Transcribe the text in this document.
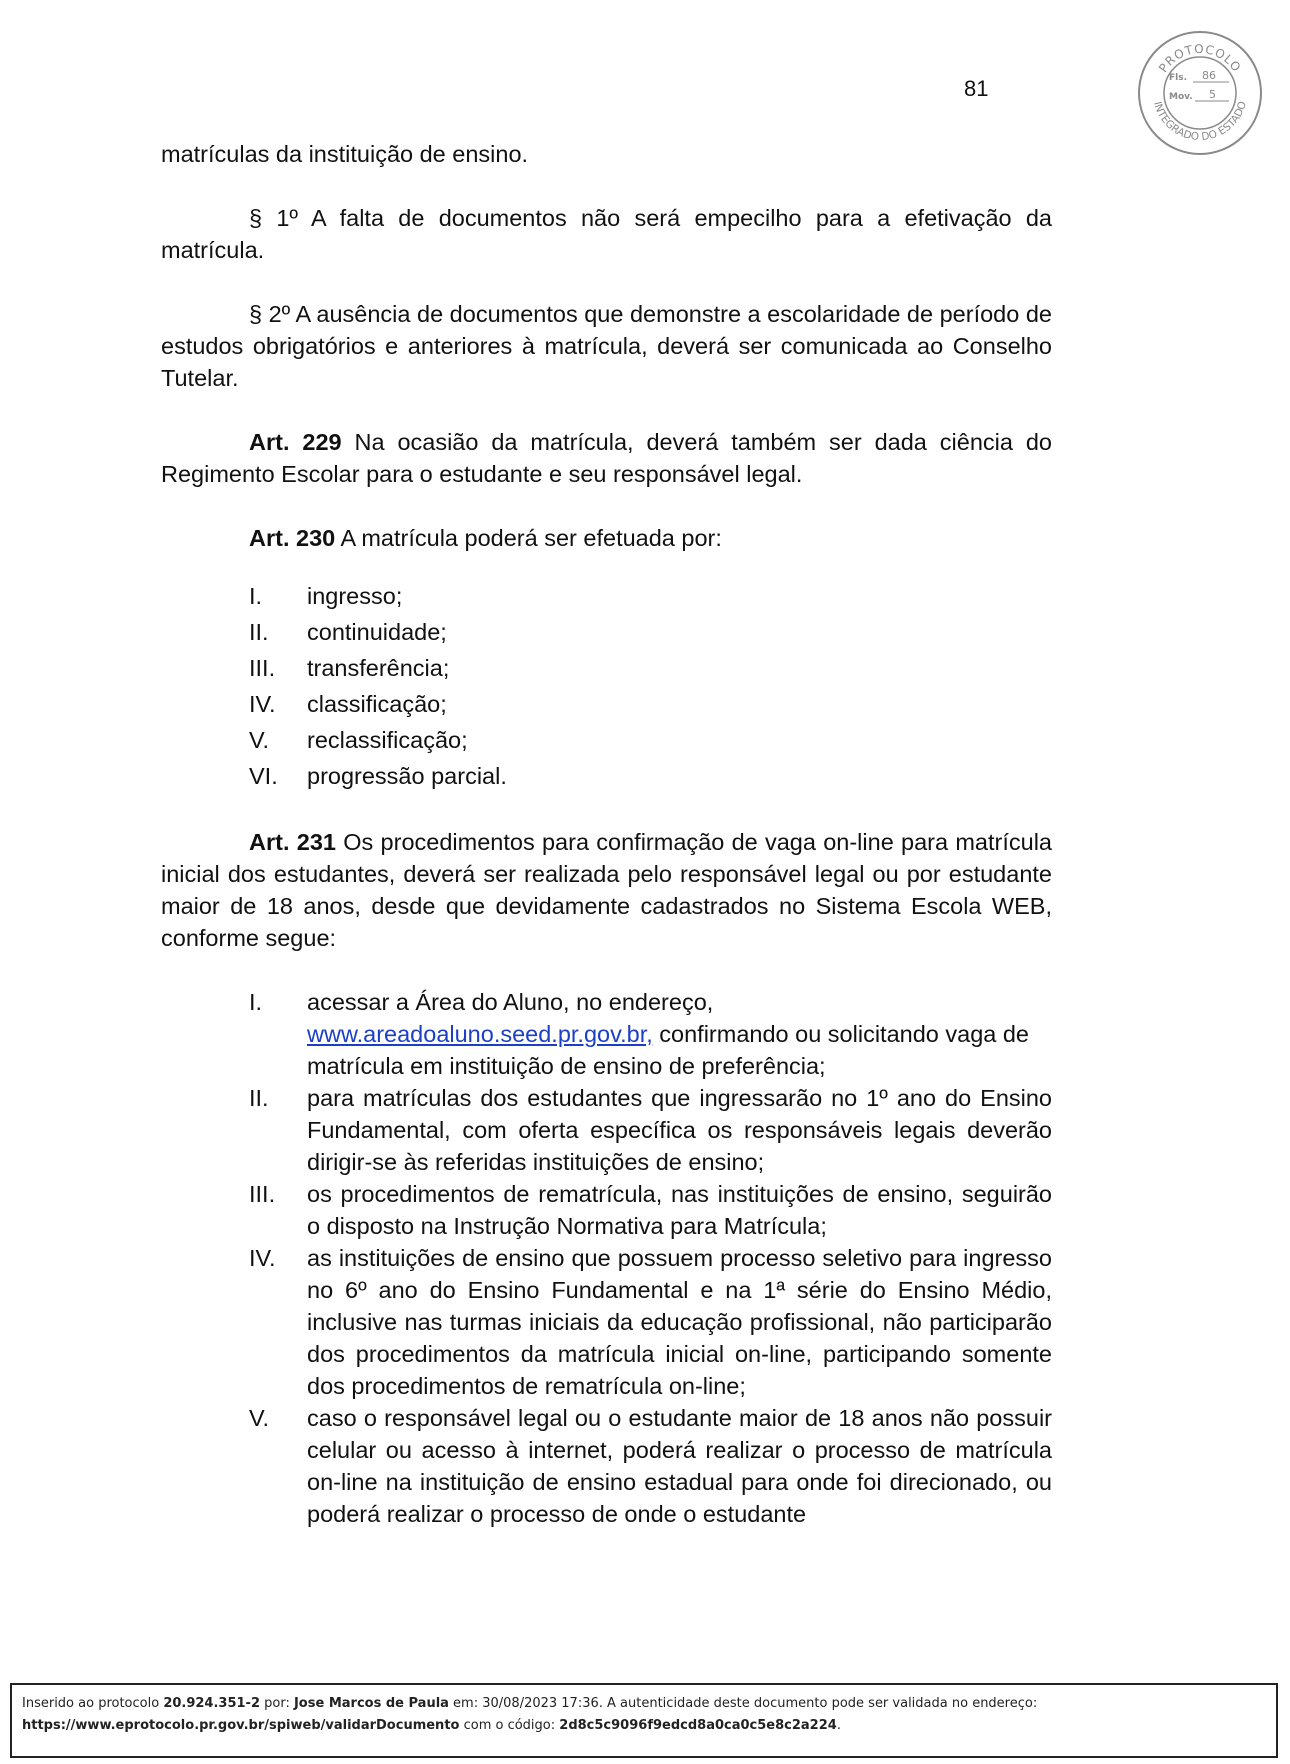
81
PROTOCOLO
INTEGRADO DO ESTADO
Fls. 86
Mov. 5

matrículas da instituição de ensino.

§ 1º A falta de documentos não será empecilho para a efetivação da matrícula.

§ 2º A ausência de documentos que demonstre a escolaridade de período de estudos obrigatórios e anteriores à matrícula, deverá ser comunicada ao Conselho Tutelar.

Art. 229 Na ocasião da matrícula, deverá também ser dada ciência do Regimento Escolar para o estudante e seu responsável legal.

Art. 230 A matrícula poderá ser efetuada por:

I.	ingresso;
II.	continuidade;
III.	transferência;
IV.	classificação;
V.	reclassificação;
VI.	progressão parcial.

Art. 231 Os procedimentos para confirmação de vaga on-line para matrícula inicial dos estudantes, deverá ser realizada pelo responsável legal ou por estudante maior de 18 anos, desde que devidamente cadastrados no Sistema Escola WEB, conforme segue:

I.	acessar a Área do Aluno, no endereço, www.areadoaluno.seed.pr.gov.br, confirmando ou solicitando vaga de matrícula em instituição de ensino de preferência;
II.	para matrículas dos estudantes que ingressarão no 1º ano do Ensino Fundamental, com oferta específica os responsáveis legais deverão dirigir-se às referidas instituições de ensino;
III.	os procedimentos de rematrícula, nas instituições de ensino, seguirão o disposto na Instrução Normativa para Matrícula;
IV.	as instituições de ensino que possuem processo seletivo para ingresso no 6º ano do Ensino Fundamental e na 1ª série do Ensino Médio, inclusive nas turmas iniciais da educação profissional, não participarão dos procedimentos da matrícula inicial on-line, participando somente dos procedimentos de rematrícula on-line;
V.	caso o responsável legal ou o estudante maior de 18 anos não possuir celular ou acesso à internet, poderá realizar o processo de matrícula on-line na instituição de ensino estadual para onde foi direcionado, ou poderá realizar o processo de onde o estudante
Inserido ao protocolo 20.924.351-2 por: Jose Marcos de Paula em: 30/08/2023 17:36. A autenticidade deste documento pode ser validada no endereço:
https://www.eprotocolo.pr.gov.br/spiweb/validarDocumento com o código: 2d8c5c9096f9edcd8a0ca0c5e8c2a224.
